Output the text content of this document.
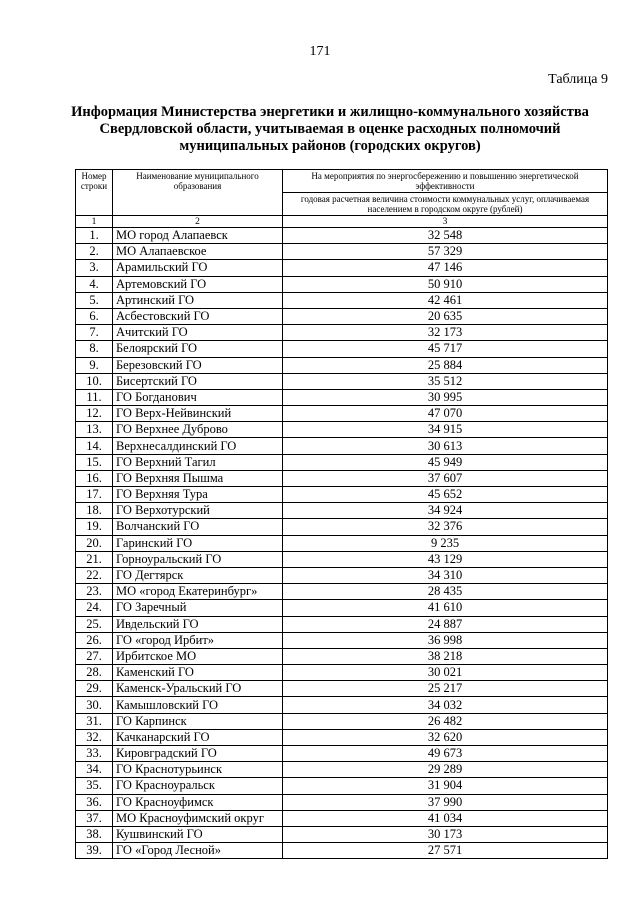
171
Таблица 9
Информация Министерства энергетики и жилищно-коммунального хозяйства Свердловской области, учитываемая в оценке расходных полномочий муниципальных районов (городских округов)
Номер строки	Наименование муниципального образования	На мероприятия по энергосбережению и повышению энергетической эффективности
		годовая расчетная величина стоимости коммунальных услуг, оплачиваемая населением в городском округе (рублей)
1	2	3
1.	МО город Алапаевск	32 548
2.	МО Алапаевское	57 329
3.	Арамильский ГО	47 146
4.	Артемовский ГО	50 910
5.	Артинский ГО	42 461
6.	Асбестовский ГО	20 635
7.	Ачитский ГО	32 173
8.	Белоярский ГО	45 717
9.	Березовский ГО	25 884
10.	Бисертский ГО	35 512
11.	ГО Богданович	30 995
12.	ГО Верх-Нейвинский	47 070
13.	ГО Верхнее Дуброво	34 915
14.	Верхнесалдинский ГО	30 613
15.	ГО Верхний Тагил	45 949
16.	ГО Верхняя Пышма	37 607
17.	ГО Верхняя Тура	45 652
18.	ГО Верхотурский	34 924
19.	Волчанский ГО	32 376
20.	Гаринский ГО	9 235
21.	Горноуральский ГО	43 129
22.	ГО Дегтярск	34 310
23.	МО «город Екатеринбург»	28 435
24.	ГО Заречный	41 610
25.	Ивдельский ГО	24 887
26.	ГО «город Ирбит»	36 998
27.	Ирбитское МО	38 218
28.	Каменский ГО	30 021
29.	Каменск-Уральский ГО	25 217
30.	Камышловский ГО	34 032
31.	ГО Карпинск	26 482
32.	Качканарский ГО	32 620
33.	Кировградский ГО	49 673
34.	ГО Краснотурьинск	29 289
35.	ГО Красноуральск	31 904
36.	ГО Красноуфимск	37 990
37.	МО Красноуфимский округ	41 034
38.	Кушвинский ГО	30 173
39.	ГО «Город Лесной»	27 571
